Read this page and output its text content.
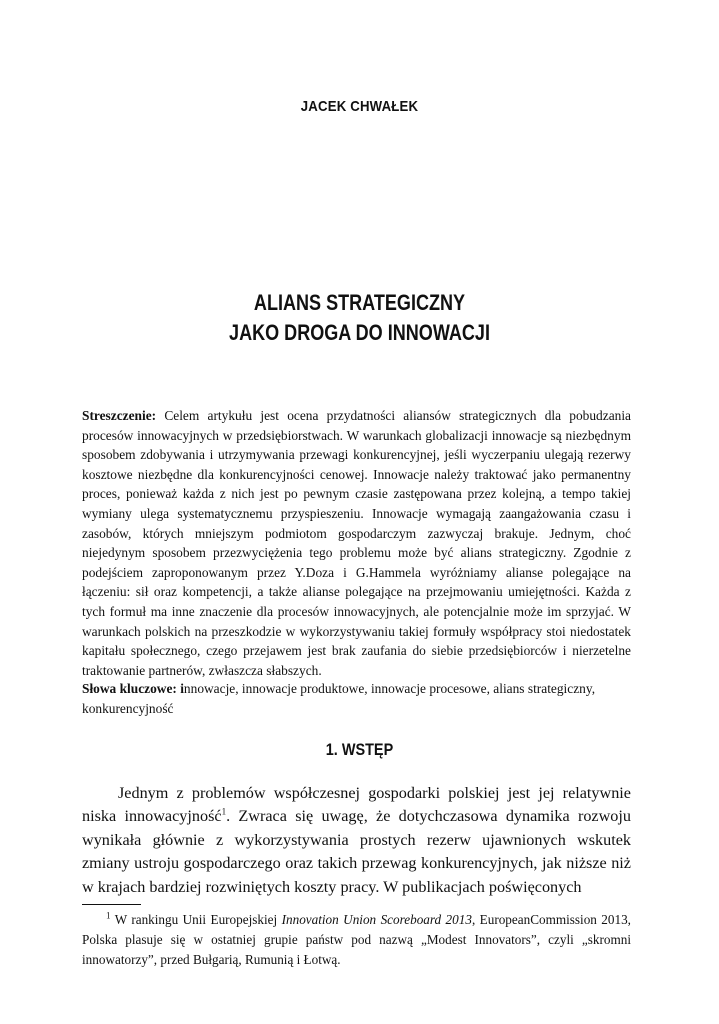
JACEK CHWAŁEK
ALIANS STRATEGICZNY
JAKO DROGA DO INNOWACJI
Streszczenie: Celem artykułu jest ocena przydatności aliansów strategicznych dla pobudzania procesów innowacyjnych w przedsiębiorstwach. W warunkach globalizacji innowacje są niezbędnym sposobem zdobywania i utrzymywania przewagi konkurencyjnej, jeśli wyczerpaniu ulegają rezerwy kosztowe niezbędne dla konkurencyjności cenowej. Innowacje należy traktować jako permanentny proces, ponieważ każda z nich jest po pewnym czasie zastępowana przez kolejną, a tempo takiej wymiany ulega systematycznemu przyspieszeniu. Innowacje wymagają zaangażowania czasu i zasobów, których mniejszym podmiotom gospodarczym zazwyczaj brakuje. Jednym, choć niejedynym sposobem przezwyciężenia tego problemu może być alians strategiczny. Zgodnie z podejściem zaproponowanym przez Y.Doza i G.Hammela wyróżniamy alianse polegające na łączeniu: sił oraz kompetencji, a także alianse polegające na przejmowaniu umiejętności. Każda z tych formuł ma inne znaczenie dla procesów innowacyjnych, ale potencjalnie może im sprzyjać. W warunkach polskich na przeszkodzie w wykorzystywaniu takiej formuły współpracy stoi niedostatek kapitału społecznego, czego przejawem jest brak zaufania do siebie przedsiębiorców i nierzetelne traktowanie partnerów, zwłaszcza słabszych.
Słowa kluczowe: innowacje, innowacje produktowe, innowacje procesowe, alians strategiczny, konkurencyjność
1. WSTĘP
Jednym z problemów współczesnej gospodarki polskiej jest jej relatywnie niska innowacyjność$^1$. Zwraca się uwagę, że dotychczasowa dynamika rozwoju wynikała głównie z wykorzystywania prostych rezerw ujawnionych wskutek zmiany ustroju gospodarczego oraz takich przewag konkurencyjnych, jak niższe niż w krajach bardziej rozwiniętych koszty pracy. W publikacjach poświęconych
$^1$ W rankingu Unii Europejskiej Innovation Union Scoreboard 2013, EuropeanCommission 2013, Polska plasuje się w ostatniej grupie państw pod nazwą „Modest Innovators”, czyli „skromni innowatorzy”, przed Bułgarią, Rumunią i Łotwą.
